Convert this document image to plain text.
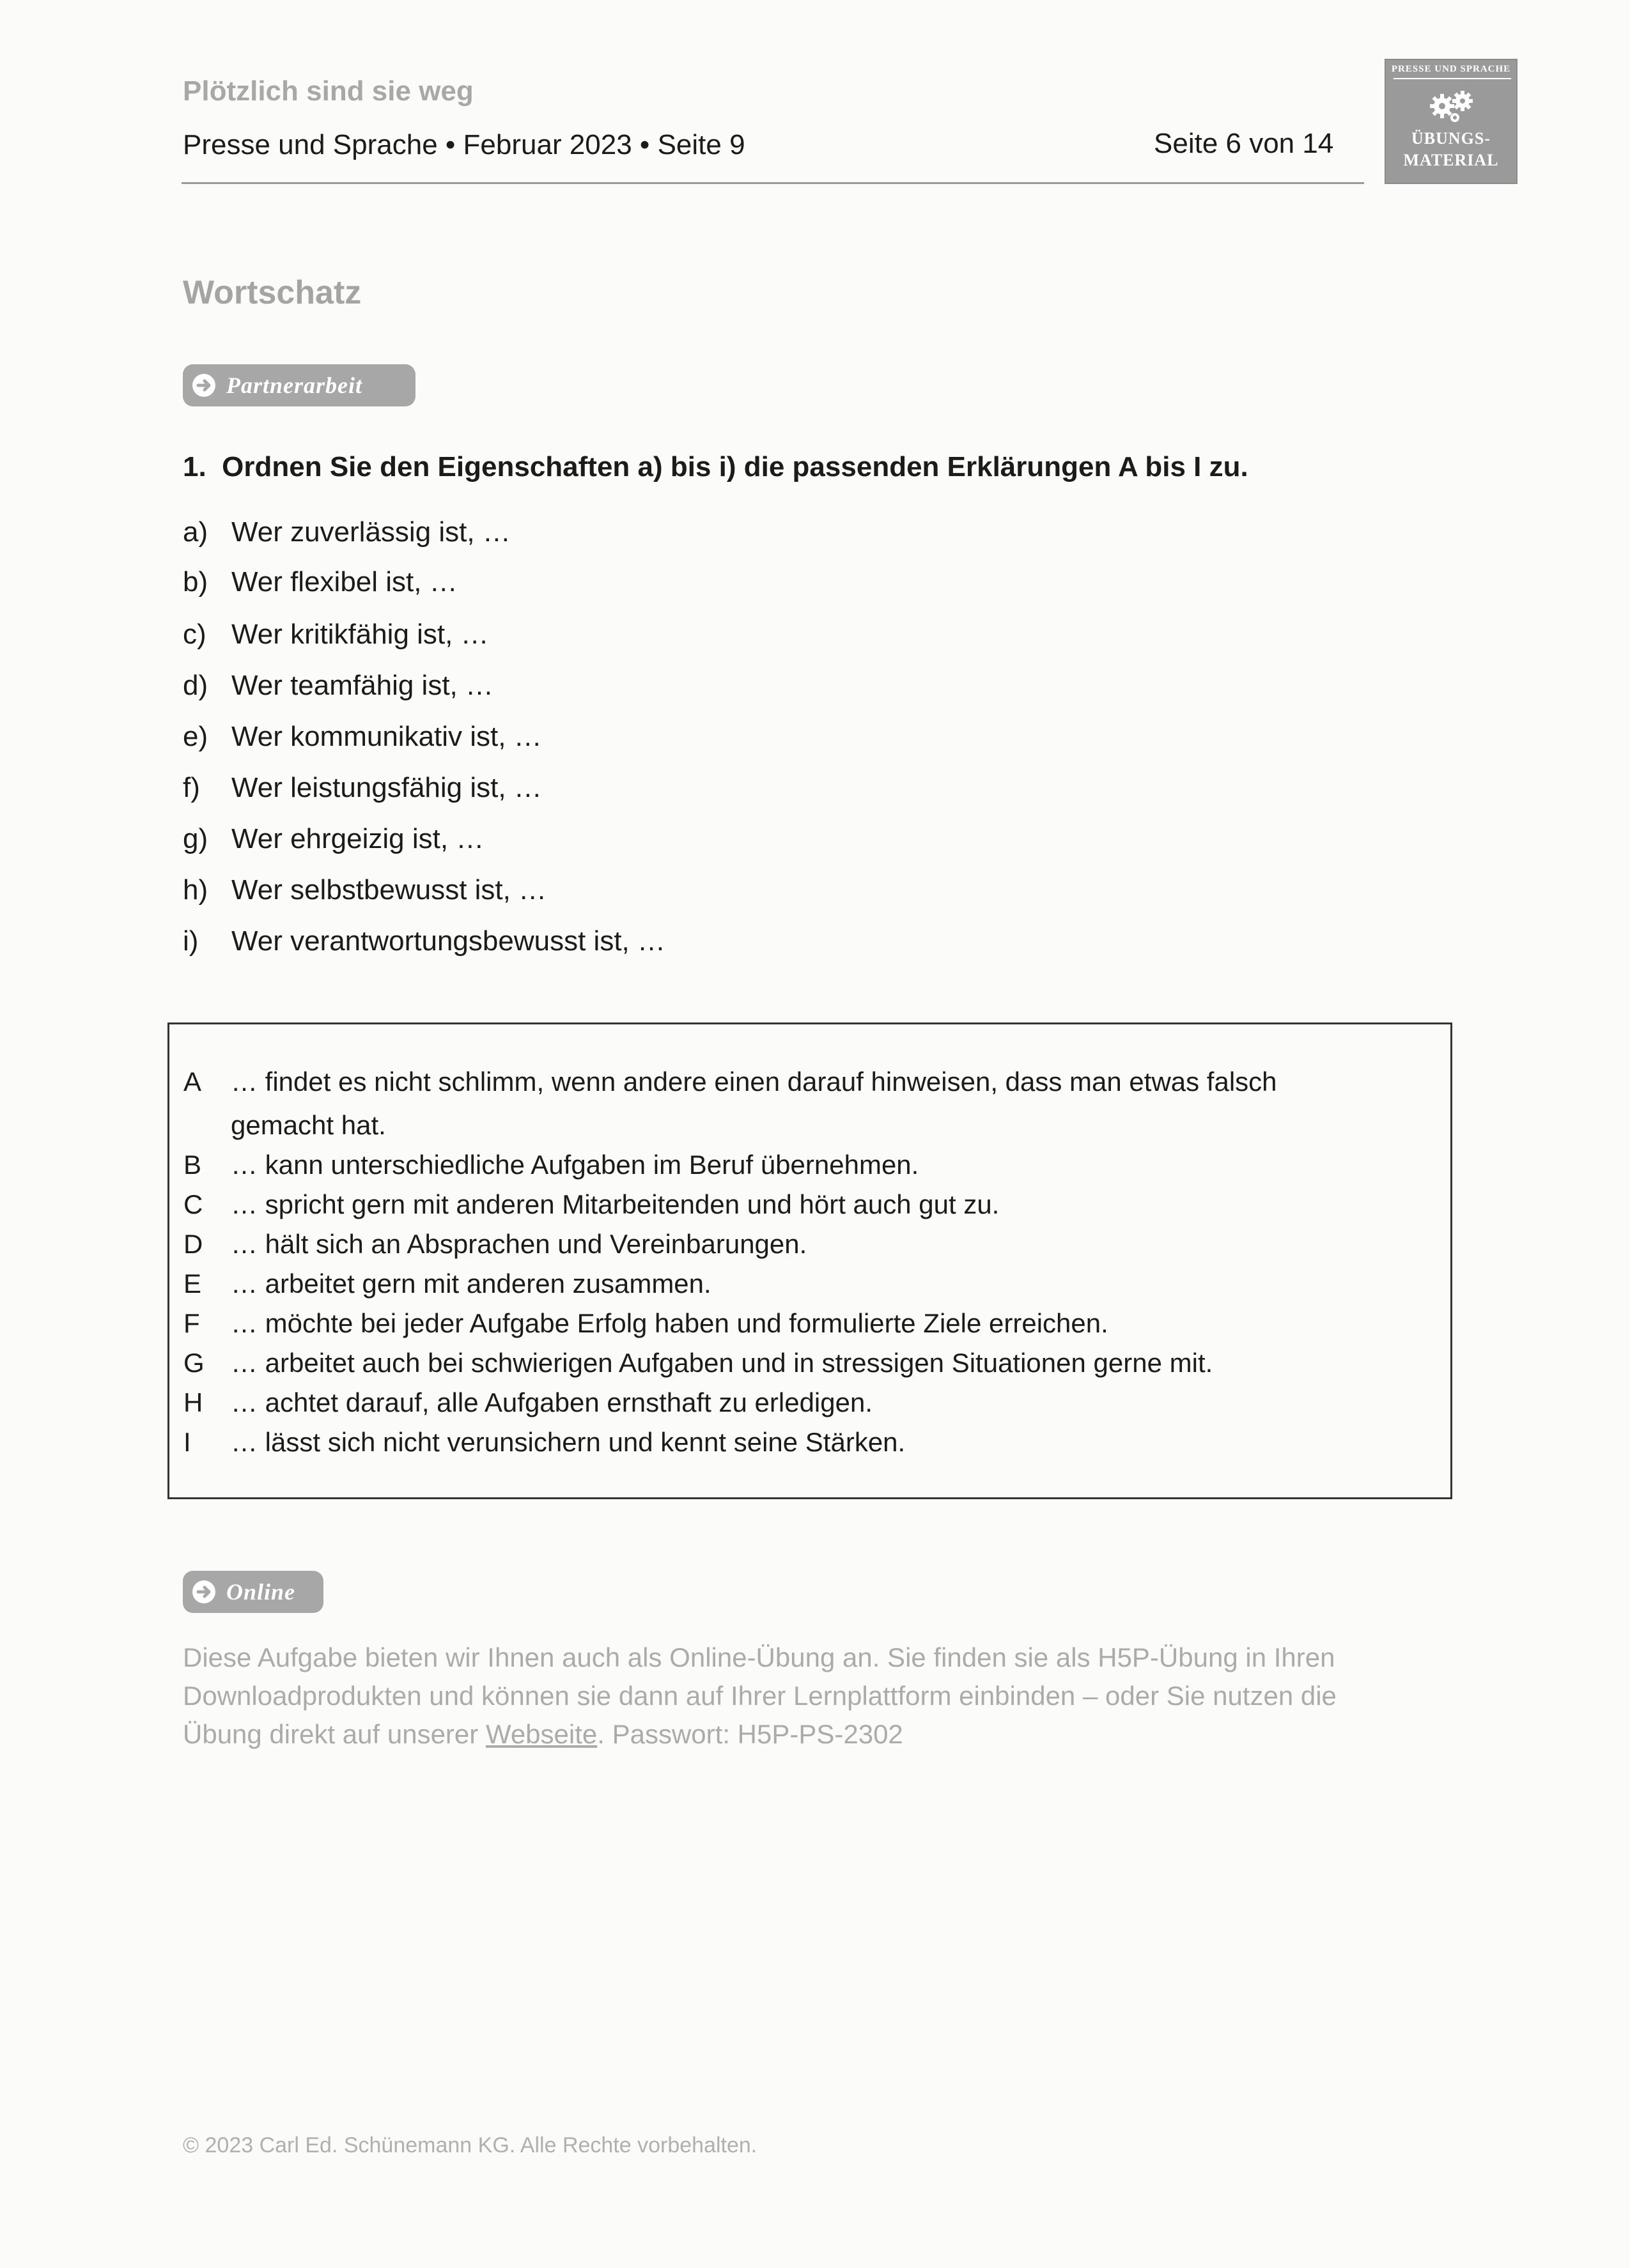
Plötzlich sind sie weg
Presse und Sprache • Februar 2023 • Seite 9	Seite 6 von 14
PRESSE UND SPRACHE
ÜBUNGS-
MATERIAL
Wortschatz
Partnerarbeit
1. Ordnen Sie den Eigenschaften a) bis i) die passenden Erklärungen A bis I zu.
a) Wer zuverlässig ist, …
b) Wer flexibel ist, …
c) Wer kritikfähig ist, …
d) Wer teamfähig ist, …
e) Wer kommunikativ ist, …
f) Wer leistungsfähig ist, …
g) Wer ehrgeizig ist, …
h) Wer selbstbewusst ist, …
i) Wer verantwortungsbewusst ist, …
A … findet es nicht schlimm, wenn andere einen darauf hinweisen, dass man etwas falsch
gemacht hat.
B … kann unterschiedliche Aufgaben im Beruf übernehmen.
C … spricht gern mit anderen Mitarbeitenden und hört auch gut zu.
D … hält sich an Absprachen und Vereinbarungen.
E … arbeitet gern mit anderen zusammen.
F … möchte bei jeder Aufgabe Erfolg haben und formulierte Ziele erreichen.
G … arbeitet auch bei schwierigen Aufgaben und in stressigen Situationen gerne mit.
H … achtet darauf, alle Aufgaben ernsthaft zu erledigen.
I … lässt sich nicht verunsichern und kennt seine Stärken.
Online
Diese Aufgabe bieten wir Ihnen auch als Online-Übung an. Sie finden sie als H5P-Übung in Ihren Downloadprodukten und können sie dann auf Ihrer Lernplattform einbinden – oder Sie nutzen die Übung direkt auf unserer Webseite. Passwort: H5P-PS-2302
© 2023 Carl Ed. Schünemann KG. Alle Rechte vorbehalten.
